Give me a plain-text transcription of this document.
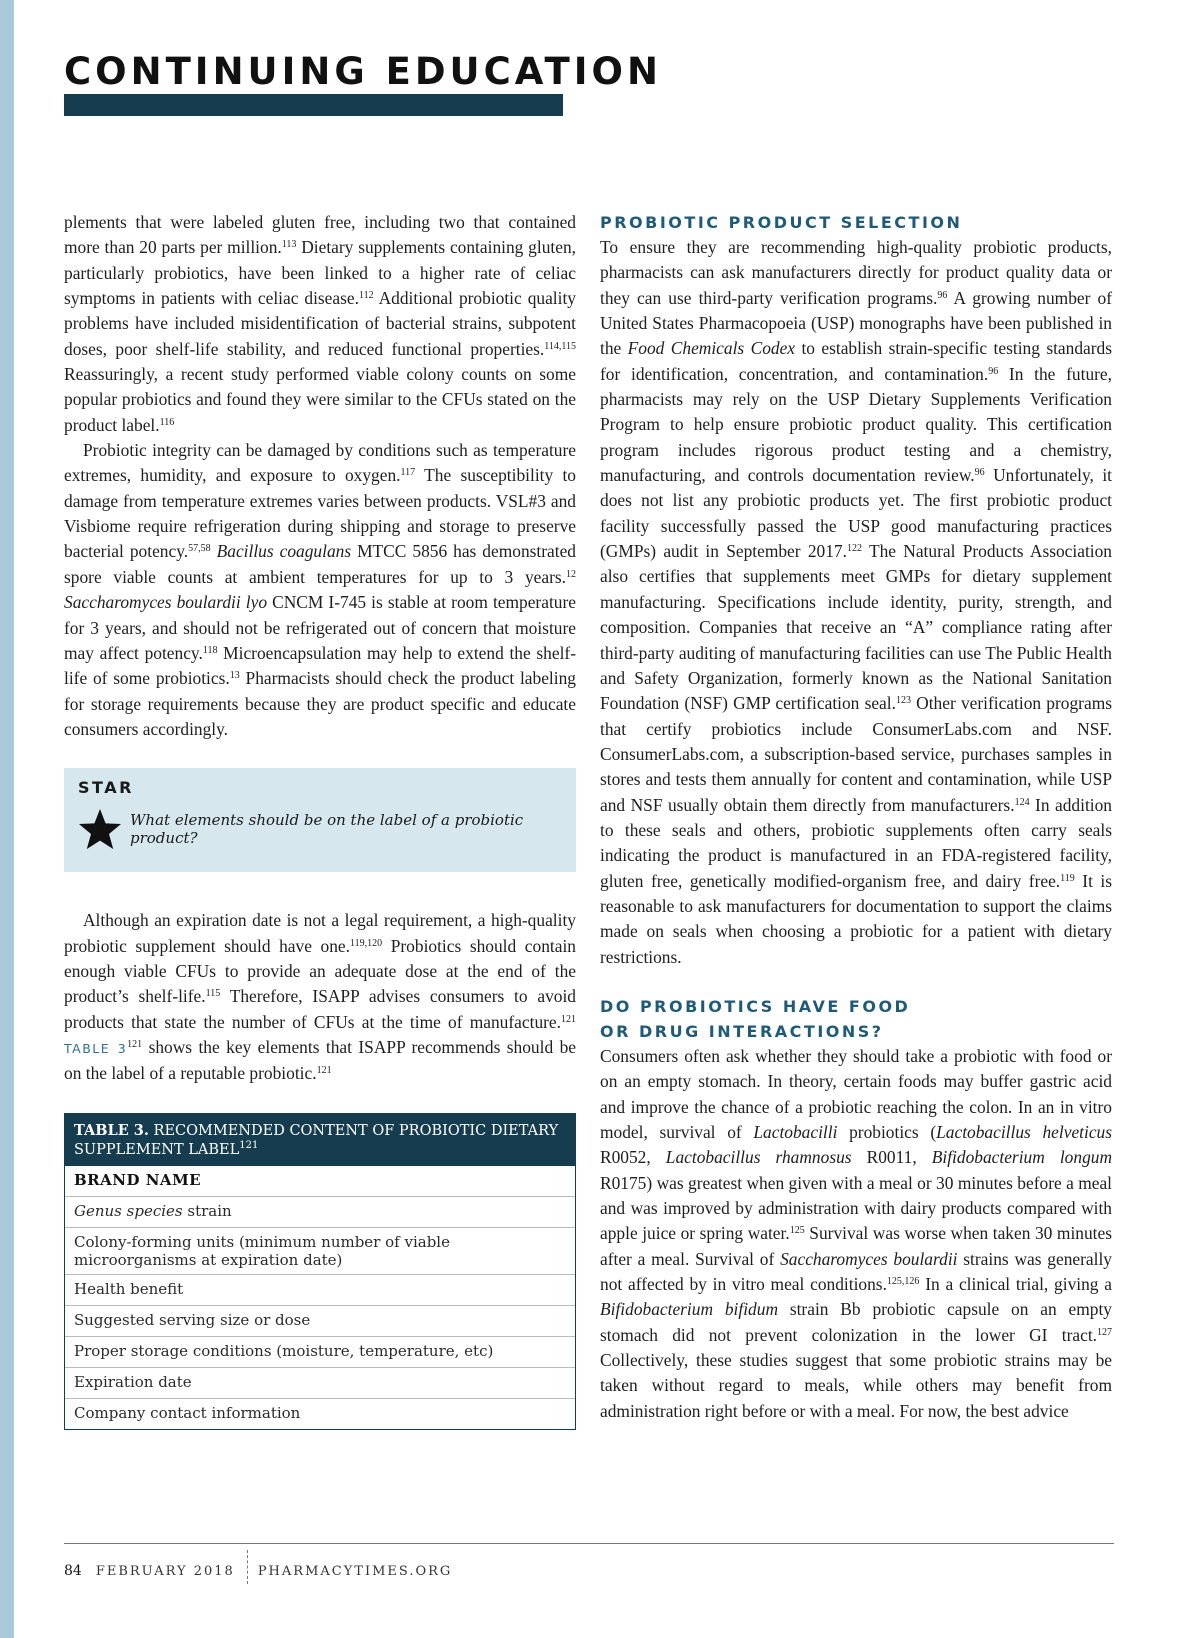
CONTINUING EDUCATION

plements that were labeled gluten free, including two that contained more than 20 parts per million.$^{113}$ Dietary supplements containing gluten, particularly probiotics, have been linked to a higher rate of celiac symptoms in patients with celiac disease.$^{112}$ Additional probiotic quality problems have included misidentification of bacterial strains, subpotent doses, poor shelf-life stability, and reduced functional properties.$^{114,115}$ Reassuringly, a recent study performed viable colony counts on some popular probiotics and found they were similar to the CFUs stated on the product label.$^{116}$

Probiotic integrity can be damaged by conditions such as temperature extremes, humidity, and exposure to oxygen.$^{117}$ The susceptibility to damage from temperature extremes varies between products. VSL#3 and Visbiome require refrigeration during shipping and storage to preserve bacterial potency.$^{57,58}$ Bacillus coagulans MTCC 5856 has demonstrated spore viable counts at ambient temperatures for up to 3 years.$^{12}$ Saccharomyces boulardii lyo CNCM I-745 is stable at room temperature for 3 years, and should not be refrigerated out of concern that moisture may affect potency.$^{118}$ Microencapsulation may help to extend the shelf-life of some probiotics.$^{13}$ Pharmacists should check the product labeling for storage requirements because they are product specific and educate consumers accordingly.

STAR
What elements should be on the label of a probiotic product?

Although an expiration date is not a legal requirement, a high-quality probiotic supplement should have one.$^{119,120}$ Probiotics should contain enough viable CFUs to provide an adequate dose at the end of the product’s shelf-life.$^{115}$ Therefore, ISAPP advises consumers to avoid products that state the number of CFUs at the time of manufacture.$^{121}$ TABLE $3^{121}$ shows the key elements that ISAPP recommends should be on the label of a reputable probiotic.$^{121}$

TABLE 3. RECOMMENDED CONTENT OF PROBIOTIC DIETARY SUPPLEMENT LABEL$^{121}$
BRAND NAME
Genus species strain
Colony-forming units (minimum number of viable microorganisms at expiration date)
Health benefit
Suggested serving size or dose
Proper storage conditions (moisture, temperature, etc)
Expiration date
Company contact information
PROBIOTIC PRODUCT SELECTION

To ensure they are recommending high-quality probiotic products, pharmacists can ask manufacturers directly for product quality data or they can use third-party verification programs.$^{96}$ A growing number of United States Pharmacopoeia (USP) monographs have been published in the Food Chemicals Codex to establish strain-specific testing standards for identification, concentration, and contamination.$^{96}$ In the future, pharmacists may rely on the USP Dietary Supplements Verification Program to help ensure probiotic product quality. This certification program includes rigorous product testing and a chemistry, manufacturing, and controls documentation review.$^{96}$ Unfortunately, it does not list any probiotic products yet. The first probiotic product facility successfully passed the USP good manufacturing practices (GMPs) audit in September 2017.$^{122}$ The Natural Products Association also certifies that supplements meet GMPs for dietary supplement manufacturing. Specifications include identity, purity, strength, and composition. Companies that receive an “A” compliance rating after third-party auditing of manufacturing facilities can use The Public Health and Safety Organization, formerly known as the National Sanitation Foundation (NSF) GMP certification seal.$^{123}$ Other verification programs that certify probiotics include ConsumerLabs.com and NSF. ConsumerLabs.com, a subscription-based service, purchases samples in stores and tests them annually for content and contamination, while USP and NSF usually obtain them directly from manufacturers.$^{124}$ In addition to these seals and others, probiotic supplements often carry seals indicating the product is manufactured in an FDA-registered facility, gluten free, genetically modified-organism free, and dairy free.$^{119}$ It is reasonable to ask manufacturers for documentation to support the claims made on seals when choosing a probiotic for a patient with dietary restrictions.

DO PROBIOTICS HAVE FOOD OR DRUG INTERACTIONS?

Consumers often ask whether they should take a probiotic with food or on an empty stomach. In theory, certain foods may buffer gastric acid and improve the chance of a probiotic reaching the colon. In an in vitro model, survival of Lactobacilli probiotics (Lactobacillus helveticus R0052, Lactobacillus rhamnosus R0011, Bifidobacterium longum R0175) was greatest when given with a meal or 30 minutes before a meal and was improved by administration with dairy products compared with apple juice or spring water.$^{125}$ Survival was worse when taken 30 minutes after a meal. Survival of Saccharomyces boulardii strains was generally not affected by in vitro meal conditions.$^{125,126}$ In a clinical trial, giving a Bifidobacterium bifidum strain Bb probiotic capsule on an empty stomach did not prevent colonization in the lower GI tract.$^{127}$ Collectively, these studies suggest that some probiotic strains may be taken without regard to meals, while others may benefit from administration right before or with a meal. For now, the best advice

84 FEBRUARY 2018 PHARMACYTIMES.ORG
